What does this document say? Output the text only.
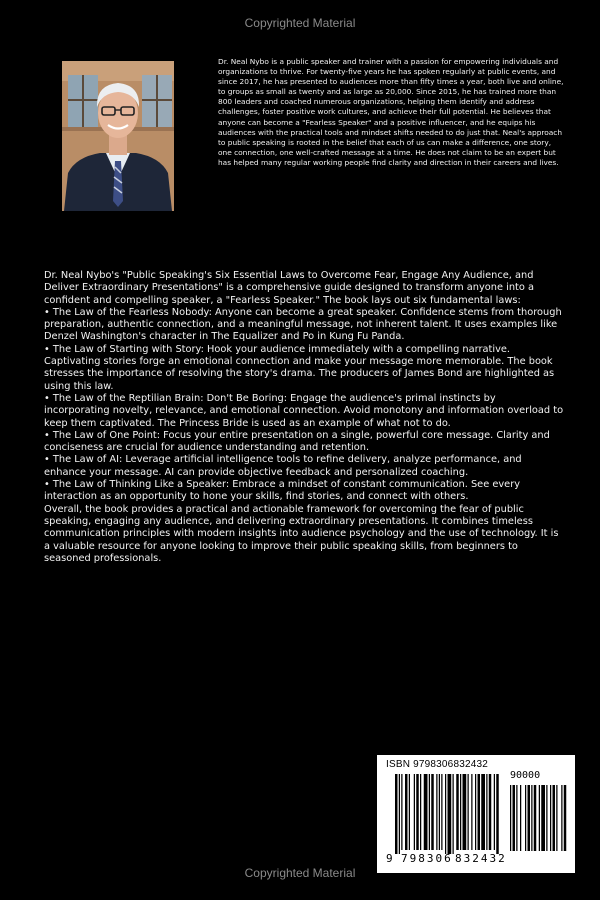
Copyrighted Material

Dr. Neal Nybo is a public speaker and trainer with a passion for empowering individuals and organizations to thrive. For twenty-five years he has spoken regularly at public events, and since 2017, he has presented to audiences more than fifty times a year, both live and online, to groups as small as twenty and as large as 20,000. Since 2015, he has trained more than 800 leaders and coached numerous organizations, helping them identify and address challenges, foster positive work cultures, and achieve their full potential. He believes that anyone can become a "Fearless Speaker" and a positive influencer, and he equips his audiences with the practical tools and mindset shifts needed to do just that. Neal's approach to public speaking is rooted in the belief that each of us can make a difference, one story, one connection, one well-crafted message at a time. He does not claim to be an expert but has helped many regular working people find clarity and direction in their careers and lives.

Dr. Neal Nybo's "Public Speaking's Six Essential Laws to Overcome Fear, Engage Any Audience, and Deliver Extraordinary Presentations" is a comprehensive guide designed to transform anyone into a confident and compelling speaker, a "Fearless Speaker." The book lays out six fundamental laws:

• The Law of the Fearless Nobody: Anyone can become a great speaker. Confidence stems from thorough preparation, authentic connection, and a meaningful message, not inherent talent. It uses examples like Denzel Washington's character in The Equalizer and Po in Kung Fu Panda.

• The Law of Starting with Story: Hook your audience immediately with a compelling narrative. Captivating stories forge an emotional connection and make your message more memorable. The book stresses the importance of resolving the story's drama. The producers of James Bond are highlighted as using this law.

• The Law of the Reptilian Brain: Don't Be Boring: Engage the audience's primal instincts by incorporating novelty, relevance, and emotional connection. Avoid monotony and information overload to keep them captivated. The Princess Bride is used as an example of what not to do.

• The Law of One Point: Focus your entire presentation on a single, powerful core message. Clarity and conciseness are crucial for audience understanding and retention.

• The Law of AI: Leverage artificial intelligence tools to refine delivery, analyze performance, and enhance your message. AI can provide objective feedback and personalized coaching.

• The Law of Thinking Like a Speaker: Embrace a mindset of constant communication. See every interaction as an opportunity to hone your skills, find stories, and connect with others.

Overall, the book provides a practical and actionable framework for overcoming the fear of public speaking, engaging any audience, and delivering extraordinary presentations. It combines timeless communication principles with modern insights into audience psychology and the use of technology. It is a valuable resource for anyone looking to improve their public speaking skills, from beginners to seasoned professionals.

ISBN 9798306832432
90000
9 798306 832432
Copyrighted Material
